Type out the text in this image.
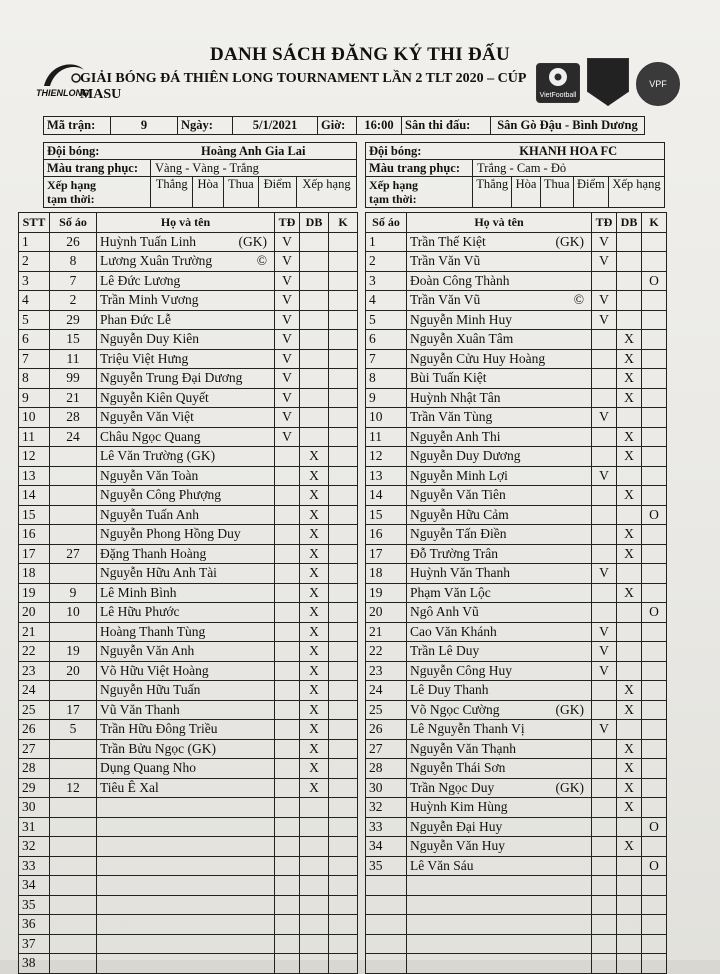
THIENLONG	VietFootball
VPF
DANH SÁCH ĐĂNG KÝ THI ĐẤU
GIẢI BÓNG ĐÁ THIÊN LONG TOURNAMENT LẦN 2 TLT 2020 – CÚP MASU
Mã trận:	9	Ngày:	5/1/2021	Giờ:	16:00	Sân thi đấu:	Sân Gò Đậu - Bình Dương
Đội bóng:	Hoàng Anh Gia Lai				
Màu trang phục:	Vàng - Vàng - Trắng				
Xếp hạng
tạm thời:	Thắng	Hòa	Thua	Điểm	Xếp hạng
Đội bóng:	KHANH HOA FC				
Màu trang phục:	Trắng - Cam - Đỏ				
Xếp hạng
tạm thời:	Thắng	Hòa	Thua	Điểm	Xếp hạng
STT	Số áo	Họ và tên	TĐ	DB	K
1	26	Huỳnh Tuấn Linh (GK)	V		
2	8	Lương Xuân Trường ©	V		
3	7	Lê Đức Lương	V		
4	2	Trần Minh Vương	V		
5	29	Phan Đức Lễ	V		
6	15	Nguyễn Duy Kiên	V		
7	11	Triệu Việt Hưng	V		
8	99	Nguyễn Trung Đại Dương	V		
9	21	Nguyễn Kiên Quyết	V		
10	28	Nguyễn Văn Việt	V		
11	24	Châu Ngọc Quang	V		
12		Lê Văn Trường (GK)		X	
13		Nguyễn Văn Toàn		X	
14		Nguyễn Công Phượng		X	
15		Nguyễn Tuấn Anh		X	
16		Nguyễn Phong Hồng Duy		X	
17	27	Đặng Thanh Hoàng		X	
18		Nguyễn Hữu Anh Tài		X	
19	9	Lê Minh Bình		X	
20	10	Lê Hữu Phước		X	
21		Hoàng Thanh Tùng		X	
22	19	Nguyễn Văn Anh		X	
23	20	Võ Hữu Việt Hoàng		X	
24		Nguyễn Hữu Tuấn		X	
25	17	Vũ Văn Thanh		X	
26	5	Trần Hữu Đông Triều		X	
27		Trần Bửu Ngọc (GK)		X	
28		Dụng Quang Nho		X	
29	12	Tiêu Ê Xal		X	
30					
31					
32					
33					
34					
35					
36					
37					
38					
Số áo	Họ và tên	TĐ	DB	K
1	Trần Thế Kiệt (GK)	V		
2	Trần Văn Vũ	V		
3	Đoàn Công Thành			O
4	Trần Văn Vũ ©	V		
5	Nguyễn Minh Huy	V		
6	Nguyễn Xuân Tâm		X	
7	Nguyễn Cửu Huy Hoàng		X	
8	Bùi Tuấn Kiệt		X	
9	Huỳnh Nhật Tân		X	
10	Trần Văn Tùng	V		
11	Nguyễn Anh Thi		X	
12	Nguyễn Duy Dương		X	
13	Nguyễn Minh Lợi	V		
14	Nguyễn Văn Tiên		X	
15	Nguyễn Hữu Cảm			O
16	Nguyễn Tấn Điền		X	
17	Đỗ Trường Trân		X	
18	Huỳnh Văn Thanh	V		
19	Phạm Văn Lộc		X	
20	Ngô Anh Vũ			O
21	Cao Văn Khánh	V		
22	Trần Lê Duy	V		
23	Nguyễn Công Huy	V		
24	Lê Duy Thanh		X	
25	Võ Ngọc Cường (GK)		X	
26	Lê Nguyễn Thanh Vị	V		
27	Nguyễn Văn Thạnh		X	
28	Nguyễn Thái Sơn		X	
30	Trần Ngọc Duy (GK)		X	
32	Huỳnh Kim Hùng		X	
33	Nguyễn Đại Huy			O
34	Nguyễn Văn Huy		X	
35	Lê Văn Sáu			O
